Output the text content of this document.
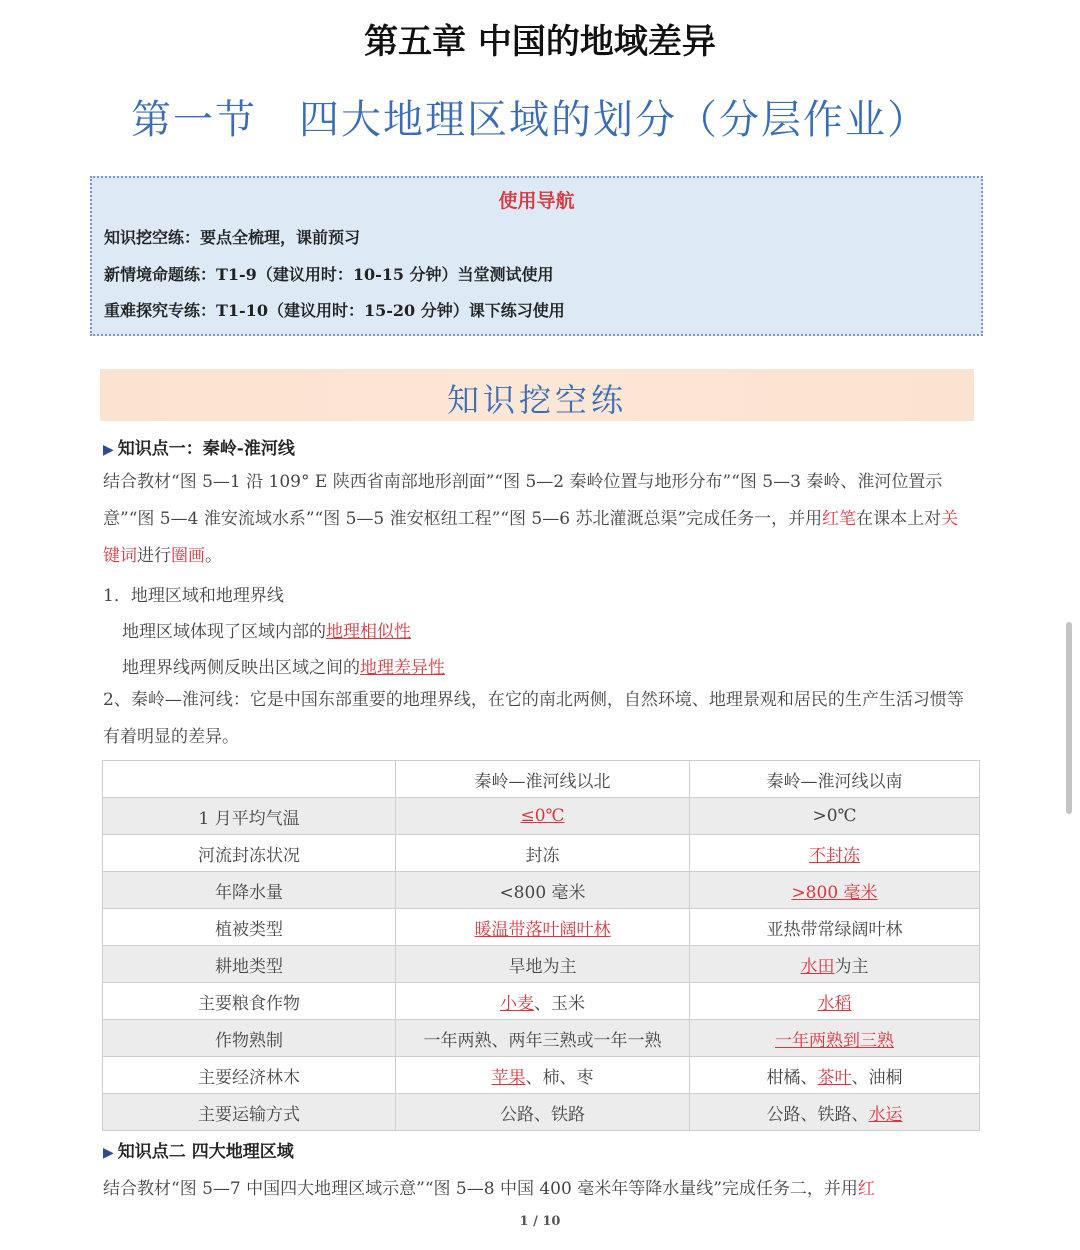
第五章 中国的地域差异
第一节　四大地理区域的划分（分层作业）
使用导航
知识挖空练：要点全梳理，课前预习
新情境命题练：T1-9（建议用时：10-15 分钟）当堂测试使用
重难探究专练：T1-10（建议用时：15-20 分钟）课下练习使用
知识挖空练
▶ 知识点一：秦岭-淮河线
结合教材“图 5—1 沿 109° E 陕西省南部地形剖面”“图 5—2 秦岭位置与地形分布”“图 5—3 秦岭、淮河位置示意”“图 5—4 淮安流域水系”“图 5—5 淮安枢纽工程”“图 5—6 苏北灌溉总渠”完成任务一，并用红笔在课本上对关键词进行圈画。
1．地理区域和地理界线
地理区域体现了区域内部的地理相似性
地理界线两侧反映出区域之间的地理差异性
2、秦岭—淮河线：它是中国东部重要的地理界线，在它的南北两侧，自然环境、地理景观和居民的生产生活习惯等有着明显的差异。
	秦岭—淮河线以北	秦岭—淮河线以南
1 月平均气温	≤0℃	>0℃
河流封冻状况	封冻	不封冻
年降水量	<800 毫米	>800 毫米
植被类型	暖温带落叶阔叶林	亚热带常绿阔叶林
耕地类型	旱地为主	水田为主
主要粮食作物	小麦、玉米	水稻
作物熟制	一年两熟、两年三熟或一年一熟	一年两熟到三熟
主要经济林木	苹果、柿、枣	柑橘、茶叶、油桐
主要运输方式	公路、铁路	公路、铁路、水运
▶ 知识点二 四大地理区域
结合教材“图 5—7 中国四大地理区域示意”“图 5—8 中国 400 毫米年等降水量线”完成任务二，并用红
1 / 10
